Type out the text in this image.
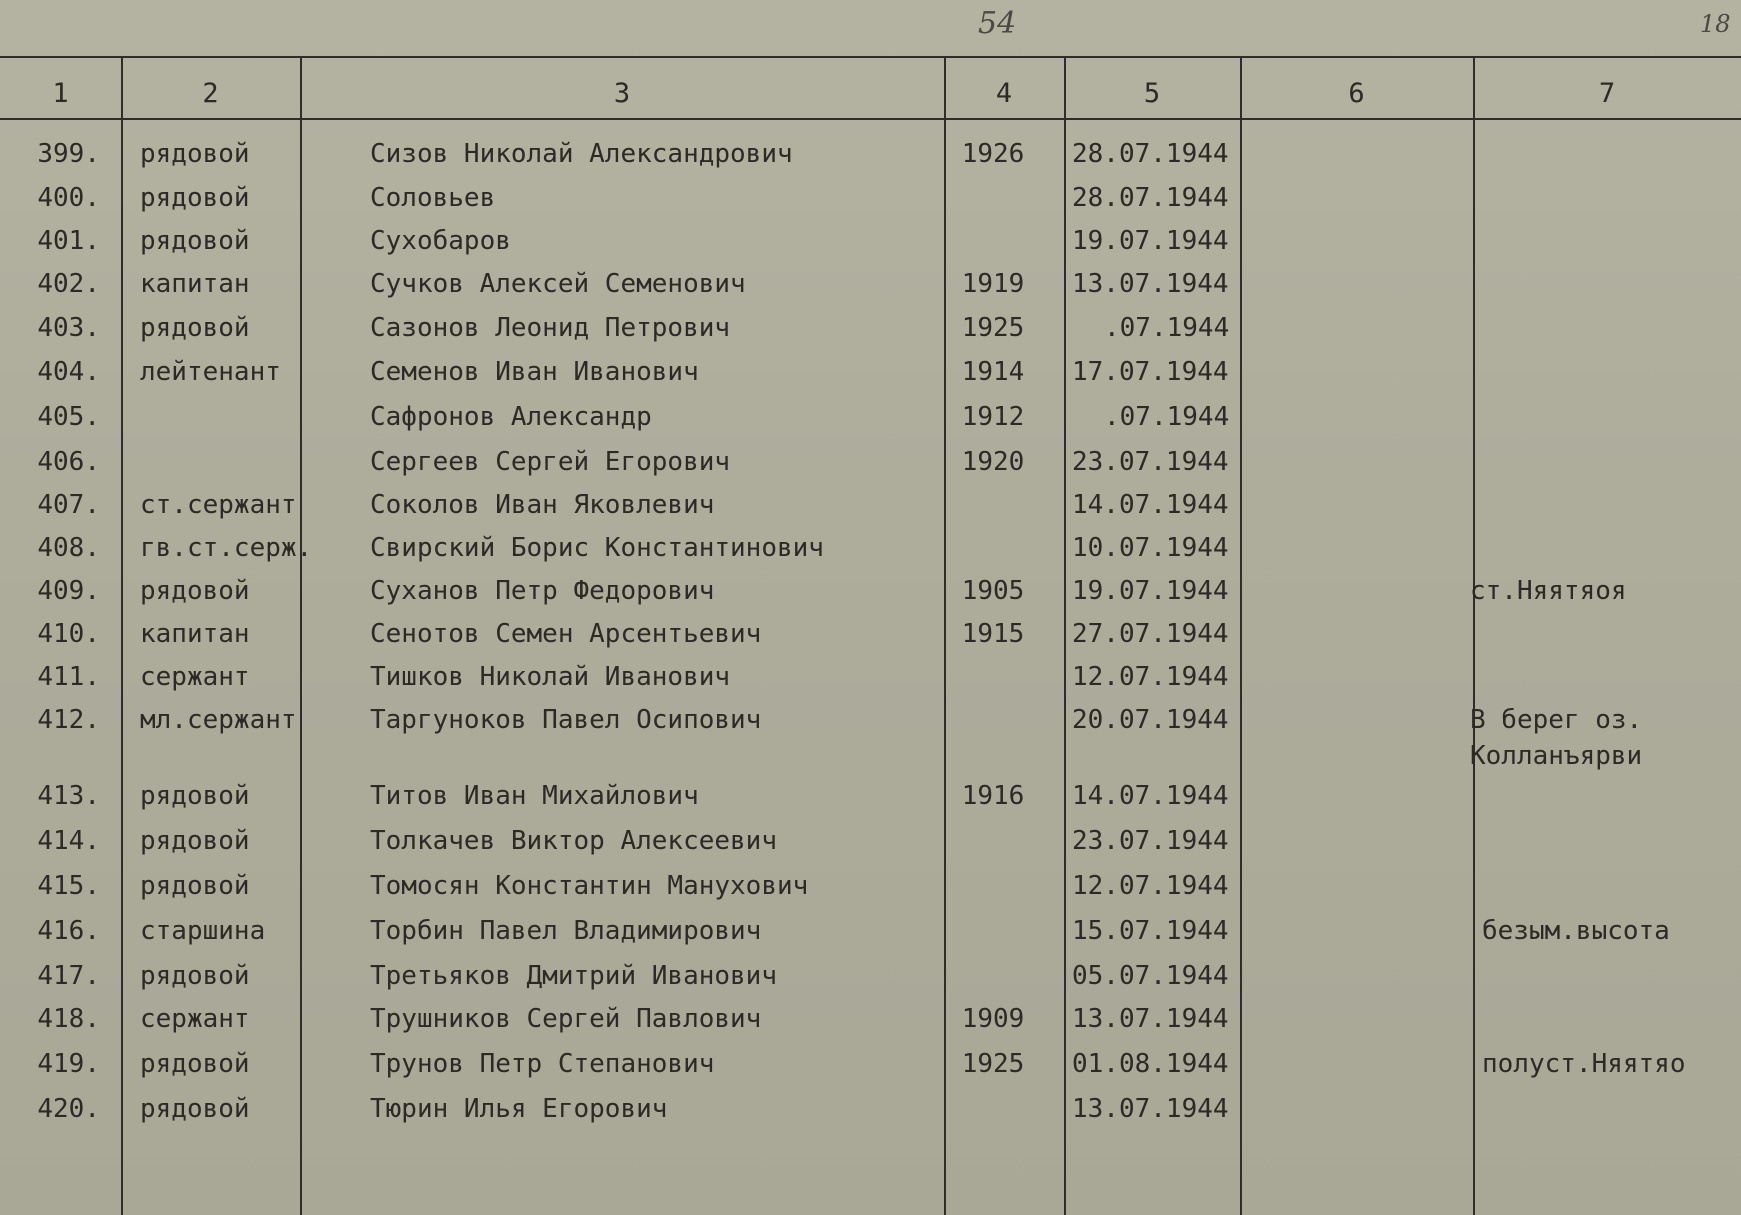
54	18
1	2	3	4	5	6	7
399. рядовой	Сизов Николай Александрович	1926 28.07.1944
400. рядовой	Соловьев	28.07.1944
401. рядовой	Сухобаров	19.07.1944
402. капитан	Сучков Алексей Семенович	1919 13.07.1944
403. рядовой	Сазонов Леонид Петрович	1925	.07.1944
404. лейтенант	Семенов Иван Иванович	1914 17.07.1944
405.	Сафронов Александр	1912	.07.1944
406.	Сергеев Сергей Егорович	1920 23.07.1944
407. ст.сержант	Соколов Иван Яковлевич	14.07.1944
408. гв.ст.серж. Свирский Борис Константинович	10.07.1944
409. рядовой	Суханов Петр Федорович	1905 19.07.1944	ст.Няятяоя
410. капитан	Сенотов Семен Арсентьевич	1915 27.07.1944
411. сержант	Тишков Николай Иванович	12.07.1944
412. мл.сержант	Таргуноков Павел Осипович	20.07.1944	В берег оз.
Колланъярви
413. рядовой	Титов Иван Михайлович	1916 14.07.1944
414. рядовой	Толкачев Виктор Алексеевич	23.07.1944
415. рядовой	Томосян Константин Манухович	12.07.1944
416. старшина	Торбин Павел Владимирович	15.07.1944	безым.высота
417. рядовой	Третьяков Дмитрий Иванович	05.07.1944
418. сержант	Трушников Сергей Павлович	1909 13.07.1944
419. рядовой	Трунов Петр Степанович	1925 01.08.1944	полуст.Няятяо
420. рядовой	Тюрин Илья Егорович	13.07.1944
